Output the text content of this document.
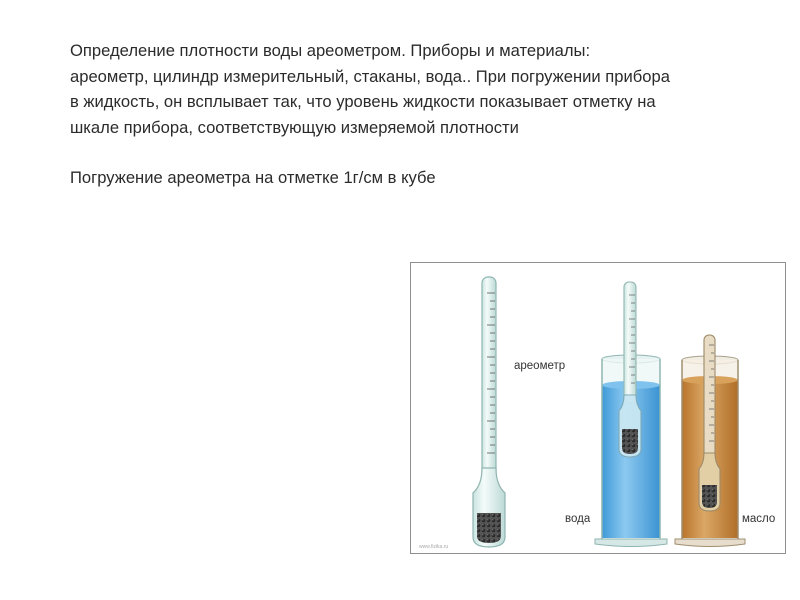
Определение плотности воды ареометром. Приборы и материалы: ареометр, цилиндр измерительный, стаканы, вода.. При погружении прибора в жидкость, он всплывает так, что уровень жидкости показывает отметку на шкале прибора, соответствующую измеряемой плотности

Погружение ареометра на отметке 1г/см в кубе

ареометр
вода	масло
www.fizika.ru
